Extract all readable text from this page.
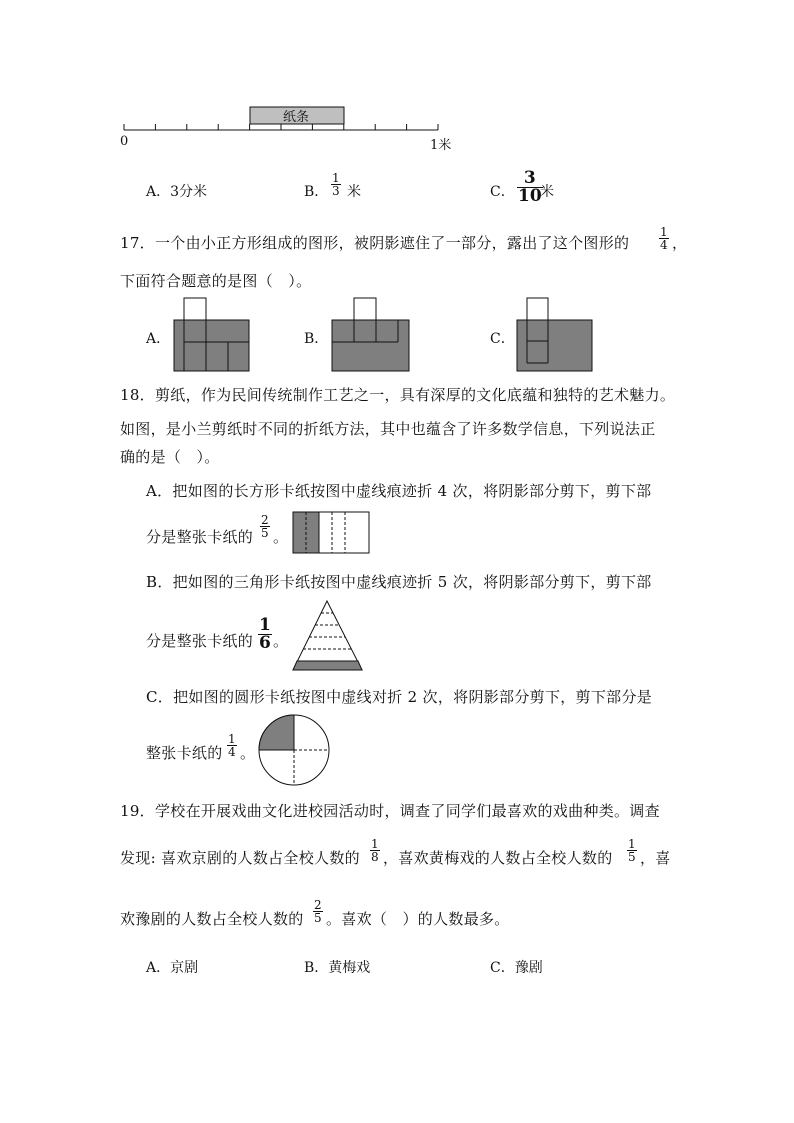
纸条
0	1米
A．3分米	B． $\frac{1}{3}$ 米	C． $\frac{3}{10}$
米
17．一个由小正方形组成的图形，被阴影遮住了一部分，露出了这个图形的 $\frac{1}{4}$ ，
下面符合题意的是图（　）。
A．	B．	C．
18．剪纸，作为民间传统制作工艺之一，具有深厚的文化底蕴和独特的艺术魅力。
如图，是小兰剪纸时不同的折纸方法，其中也蕴含了许多数学信息，下列说法正
确的是（　）。
A．把如图的长方形卡纸按图中虚线痕迹折 4 次，将阴影部分剪下，剪下部
分是整张卡纸的 $\frac{2}{5}$ 。
B．把如图的三角形卡纸按图中虚线痕迹折 5 次，将阴影部分剪下，剪下部
分是整张卡纸的 $\frac{1}{6}$ 。
C．把如图的圆形卡纸按图中虚线对折 2 次，将阴影部分剪下，剪下部分是
整张卡纸的 $\frac{1}{4}$ 。
19．学校在开展戏曲文化进校园活动时，调查了同学们最喜欢的戏曲种类。调查
发现: 喜欢京剧的人数占全校人数的 $\frac{1}{8}$ ，喜欢黄梅戏的人数占全校人数的 $\frac{1}{5}$ ，喜
欢豫剧的人数占全校人数的 $\frac{2}{5}$ 。喜欢（　）的人数最多。
A．京剧	B．黄梅戏	C．豫剧
